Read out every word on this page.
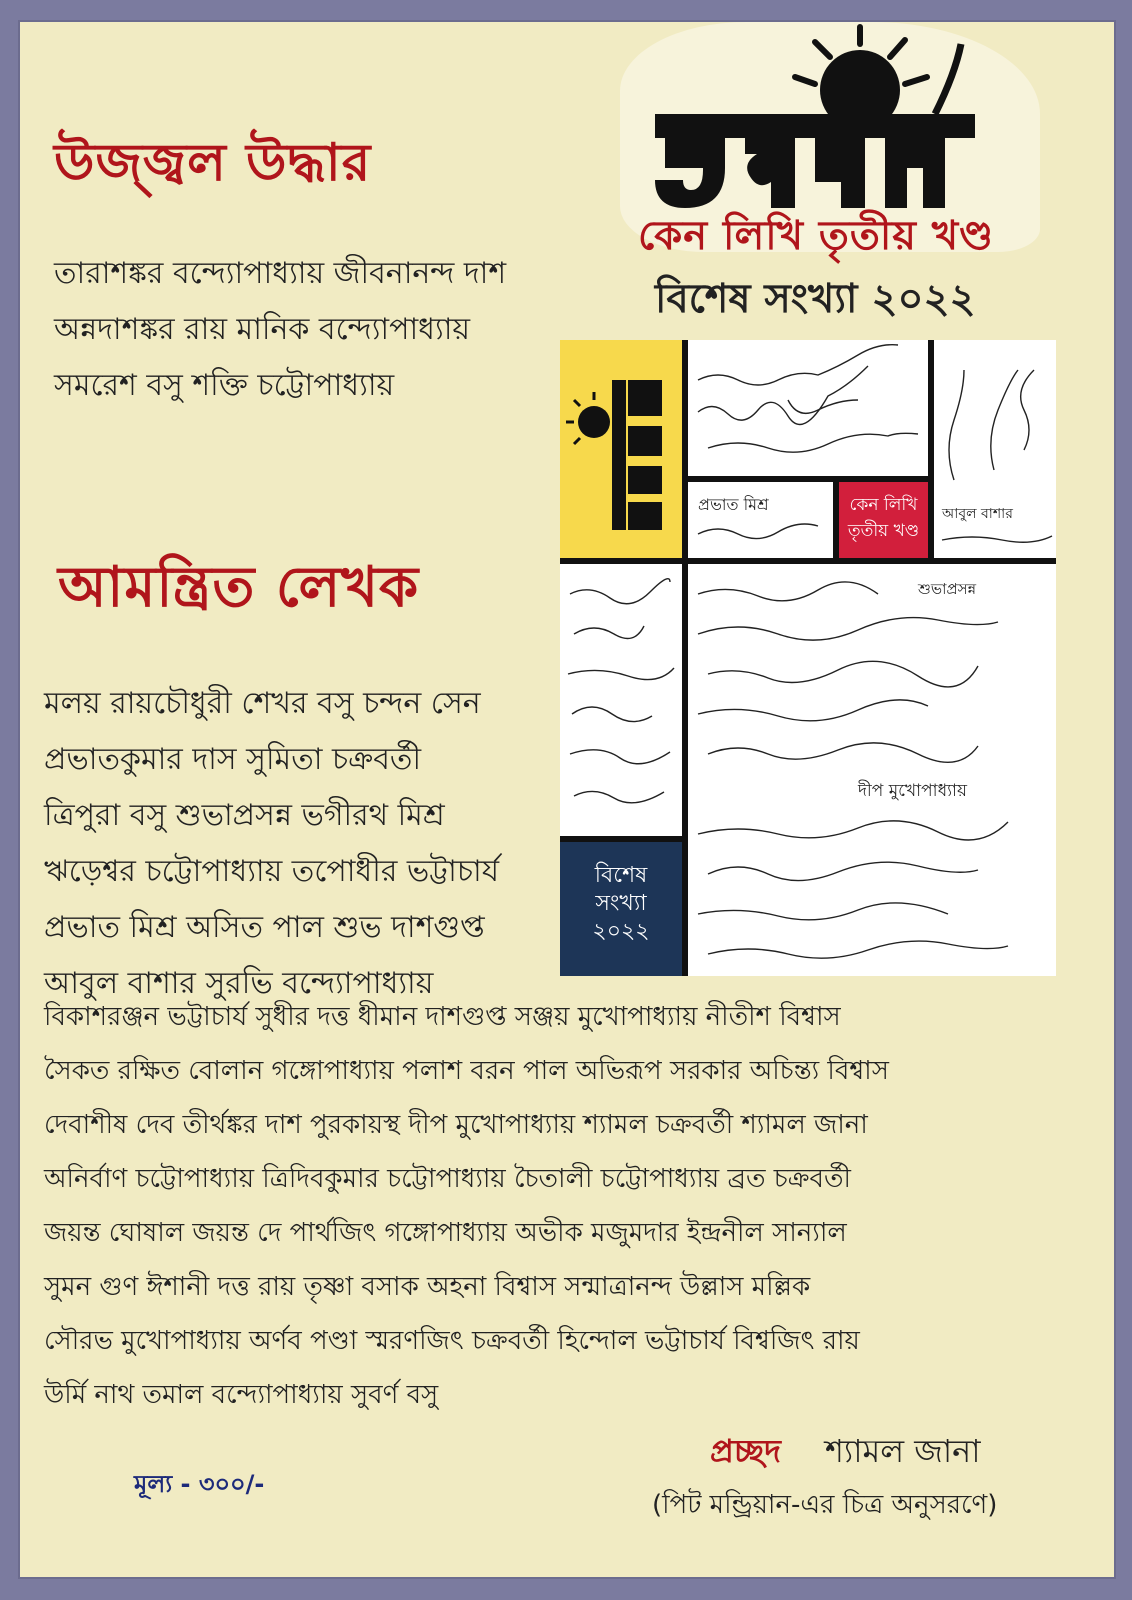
কেন লিখি তৃতীয় খণ্ড
বিশেষ সংখ্যা ২০২২
উজ্জ্বল উদ্ধার
তারাশঙ্কর বন্দ্যোপাধ্যায় জীবনানন্দ দাশ
অন্নদাশঙ্কর রায় মানিক বন্দ্যোপাধ্যায়
সমরেশ বসু শক্তি চট্টোপাধ্যায়
আমন্ত্রিত লেখক
মলয় রায়চৌধুরী শেখর বসু চন্দন সেন
প্রভাতকুমার দাস সুমিতা চক্রবর্তী
ত্রিপুরা বসু শুভাপ্রসন্ন ভগীরথ মিশ্র
ঋড়েশ্বর চট্টোপাধ্যায় তপোধীর ভট্টাচার্য
প্রভাত মিশ্র অসিত পাল শুভ দাশগুপ্ত
আবুল বাশার সুরভি বন্দ্যোপাধ্যায়
বিকাশরঞ্জন ভট্টাচার্য সুধীর দত্ত ধীমান দাশগুপ্ত সঞ্জয় মুখোপাধ্যায় নীতীশ বিশ্বাস
সৈকত রক্ষিত বোলান গঙ্গোপাধ্যায় পলাশ বরন পাল অভিরূপ সরকার অচিন্ত্য বিশ্বাস
দেবাশীষ দেব তীর্থঙ্কর দাশ পুরকায়স্থ দীপ মুখোপাধ্যায় শ্যামল চক্রবর্তী শ্যামল জানা
অনির্বাণ চট্টোপাধ্যায় ত্রিদিবকুমার চট্টোপাধ্যায় চৈতালী চট্টোপাধ্যায় ব্রত চক্রবর্তী
জয়ন্ত ঘোষাল জয়ন্ত দে পার্থজিৎ গঙ্গোপাধ্যায় অভীক মজুমদার ইন্দ্রনীল সান্যাল
সুমন গুণ ঈশানী দত্ত রায় তৃষ্ণা বসাক অহনা বিশ্বাস সন্মাত্রানন্দ উল্লাস মল্লিক
সৌরভ মুখোপাধ্যায় অর্ণব পণ্ডা স্মরণজিৎ চক্রবর্তী হিন্দোল ভট্টাচার্য বিশ্বজিৎ রায়
উর্মি নাথ তমাল বন্দ্যোপাধ্যায় সুবর্ণ বসু
আবুল বাশার
প্রভাত মিশ্র	কেন লিখি তৃতীয় খণ্ড
বিশেষ সংখ্যা ২০২২
শুভাপ্রসন্ন
দীপ মুখোপাধ্যায়
প্রচ্ছদ শ্যামল জানা
(পিট মন্ড্রিয়ান-এর চিত্র অনুসরণে)
মূল্য - ৩০০/-
